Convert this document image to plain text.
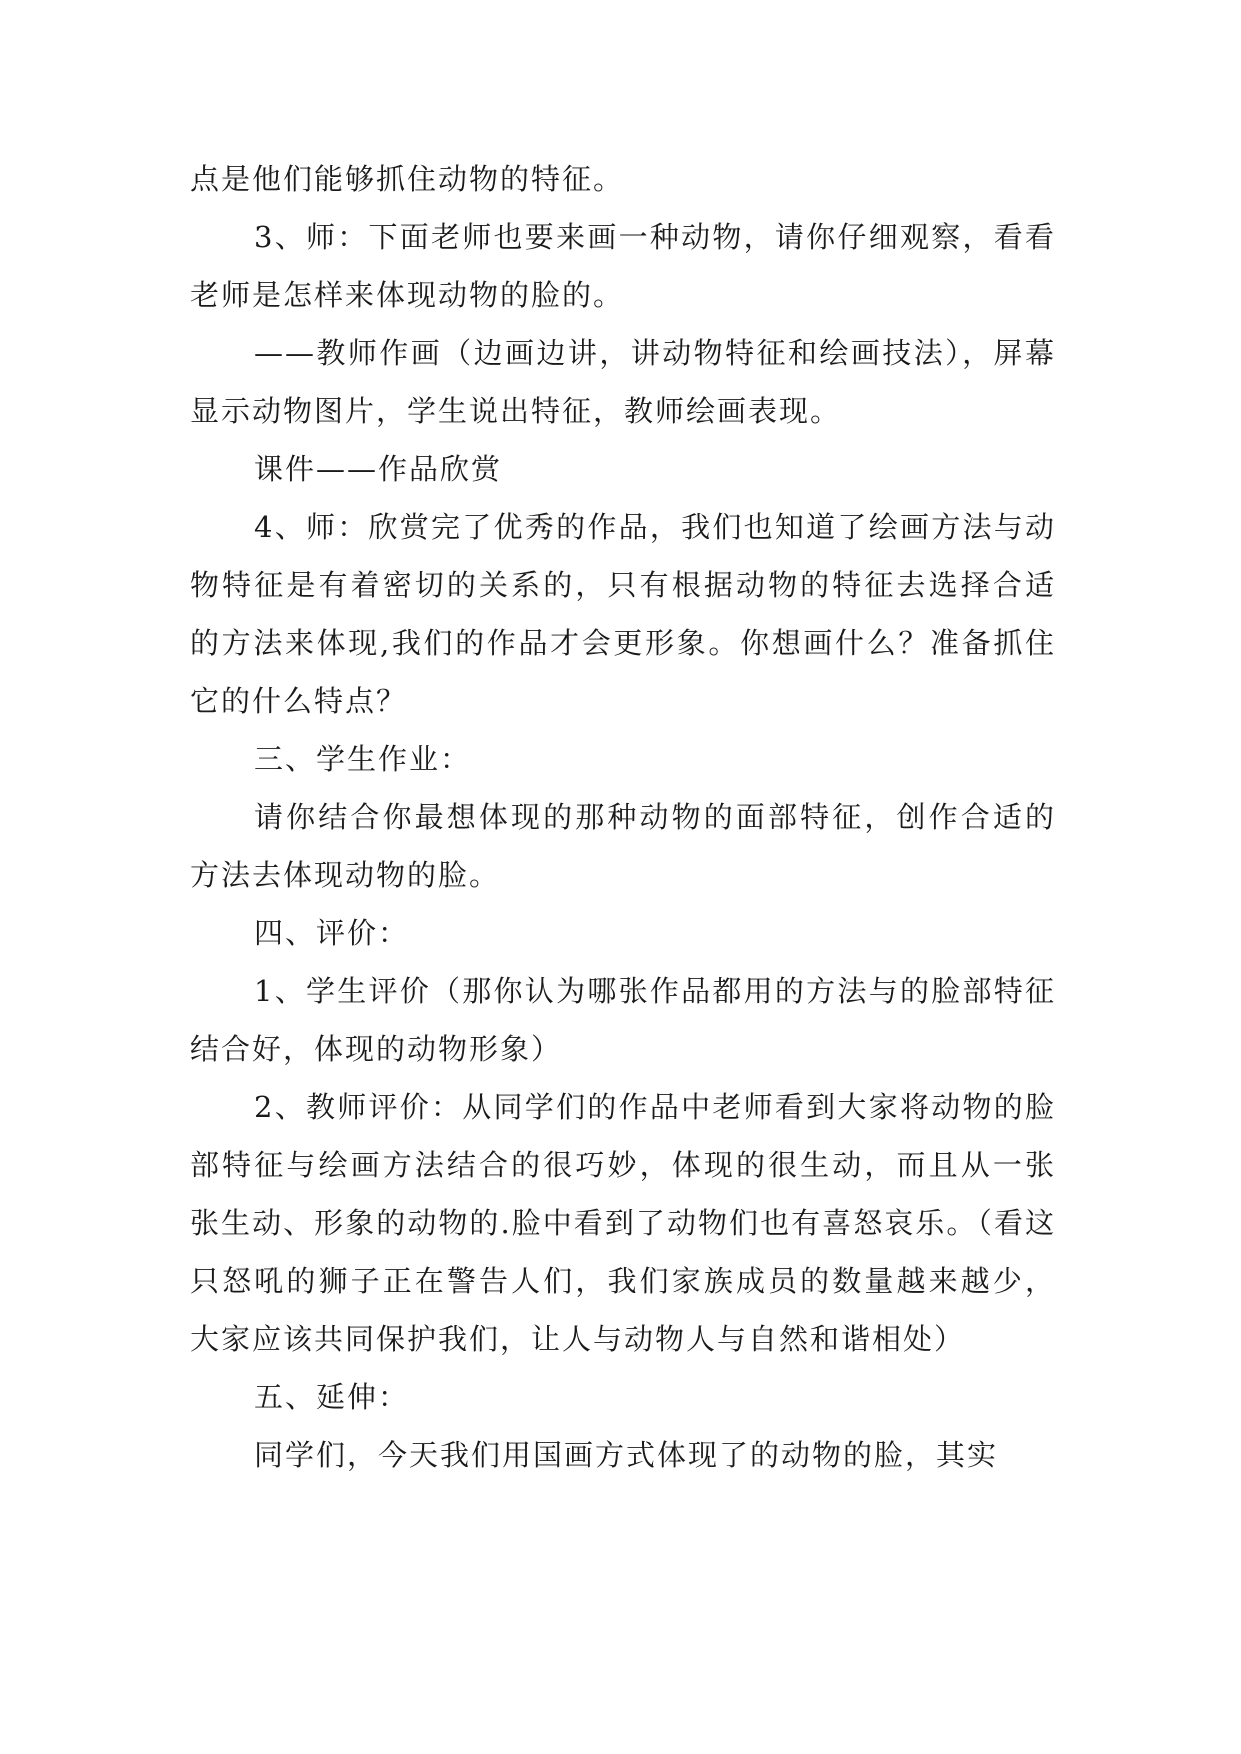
点是他们能够抓住动物的特征。

3、师：下面老师也要来画一种动物，请你仔细观察，看看老师是怎样来体现动物的脸的。

——教师作画（边画边讲，讲动物特征和绘画技法），屏幕显示动物图片，学生说出特征，教师绘画表现。

课件——作品欣赏

4、师：欣赏完了优秀的作品，我们也知道了绘画方法与动物特征是有着密切的关系的，只有根据动物的特征去选择合适的方法来体现,我们的作品才会更形象。你想画什么？准备抓住它的什么特点？

三、学生作业：

请你结合你最想体现的那种动物的面部特征，创作合适的方法去体现动物的脸。

四、评价：

1、学生评价（那你认为哪张作品都用的方法与的脸部特征结合好，体现的动物形象）

2、教师评价：从同学们的作品中老师看到大家将动物的脸部特征与绘画方法结合的很巧妙，体现的很生动，而且从一张张生动、形象的动物的.脸中看到了动物们也有喜怒哀乐。（看这只怒吼的狮子正在警告人们，我们家族成员的数量越来越少，大家应该共同保护我们，让人与动物人与自然和谐相处）

五、延伸：

同学们，今天我们用国画方式体现了的动物的脸，其实
